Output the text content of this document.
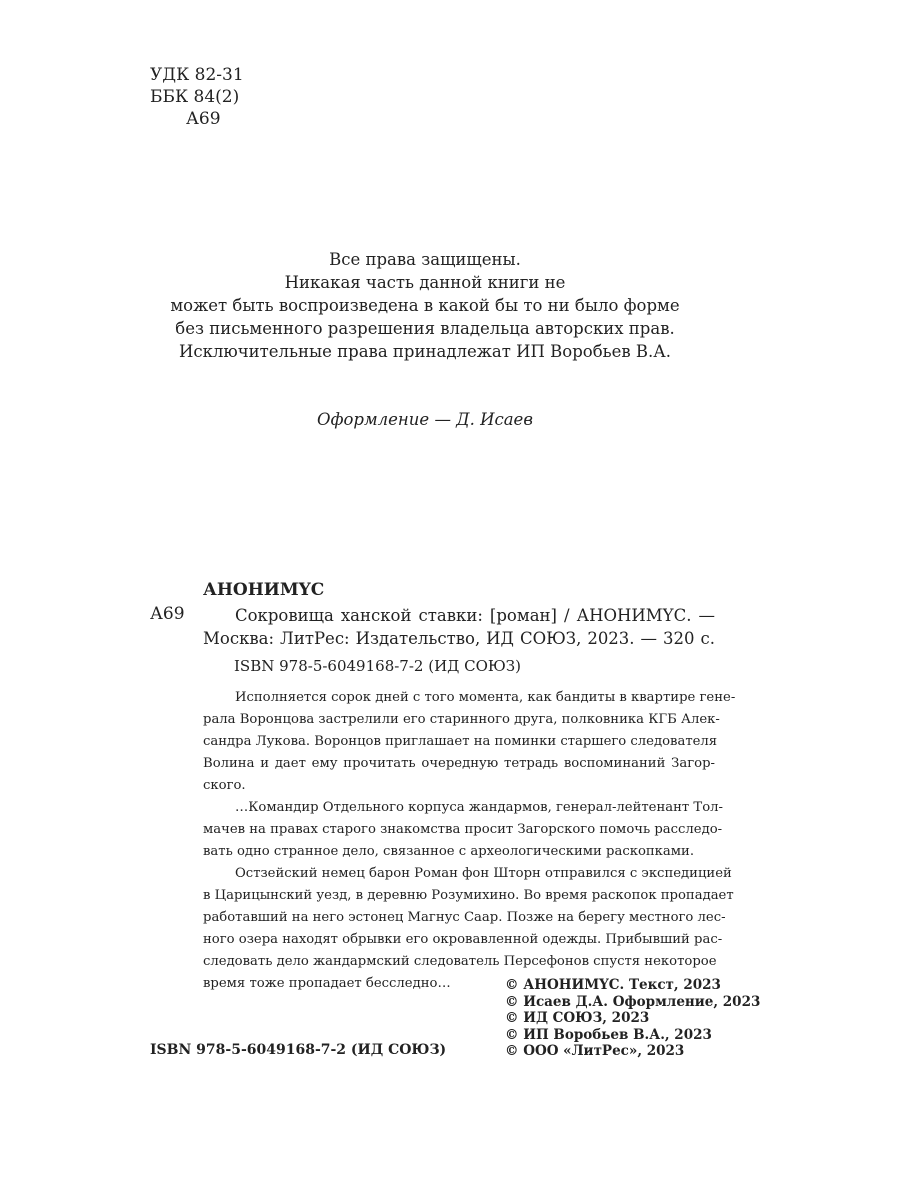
УДК 82-31
ББК 84(2)
А69
Все права защищены.
Никакая часть данной книги не
может быть воспроизведена в какой бы то ни было форме
без письменного разрешения владельца авторских прав.
Исключительные права принадлежат ИП Воробьев В.А.
Оформление — Д. Исаев
АНОНИМYС
А69	Сокровища ханской ставки: [роман] / АНОНИМYС. —
Москва: ЛитРес: Издательство, ИД СОЮЗ, 2023. — 320 с.
ISBN 978-5-6049168-7-2 (ИД СОЮЗ)
Исполняется сорок дней с того момента, как бандиты в квартире гене-
рала Воронцова застрелили его старинного друга, полковника КГБ Алек-
сандра Лукова. Воронцов приглашает на поминки старшего следователя
Волина и дает ему прочитать очередную тетрадь воспоминаний Загор-
ского.
…Командир Отдельного корпуса жандармов, генерал-лейтенант Тол-
мачев на правах старого знакомства просит Загорского помочь расследо-
вать одно странное дело, связанное с археологическими раскопками.
Остзейский немец барон Роман фон Шторн отправился с экспедицией
в Царицынский уезд, в деревню Розумихино. Во время раскопок пропадает
работавший на него эстонец Магнус Саар. Позже на берегу местного лес-
ного озера находят обрывки его окровавленной одежды. Прибывший рас-
следовать дело жандармский следователь Персефонов спустя некоторое
время тоже пропадает бесследно…
ISBN 978-5-6049168-7-2 (ИД СОЮЗ)
© АНОНИМYС. Текст, 2023
© Исаев Д.А. Оформление, 2023
© ИД СОЮЗ, 2023
© ИП Воробьев В.А., 2023
© ООО «ЛитРес», 2023
